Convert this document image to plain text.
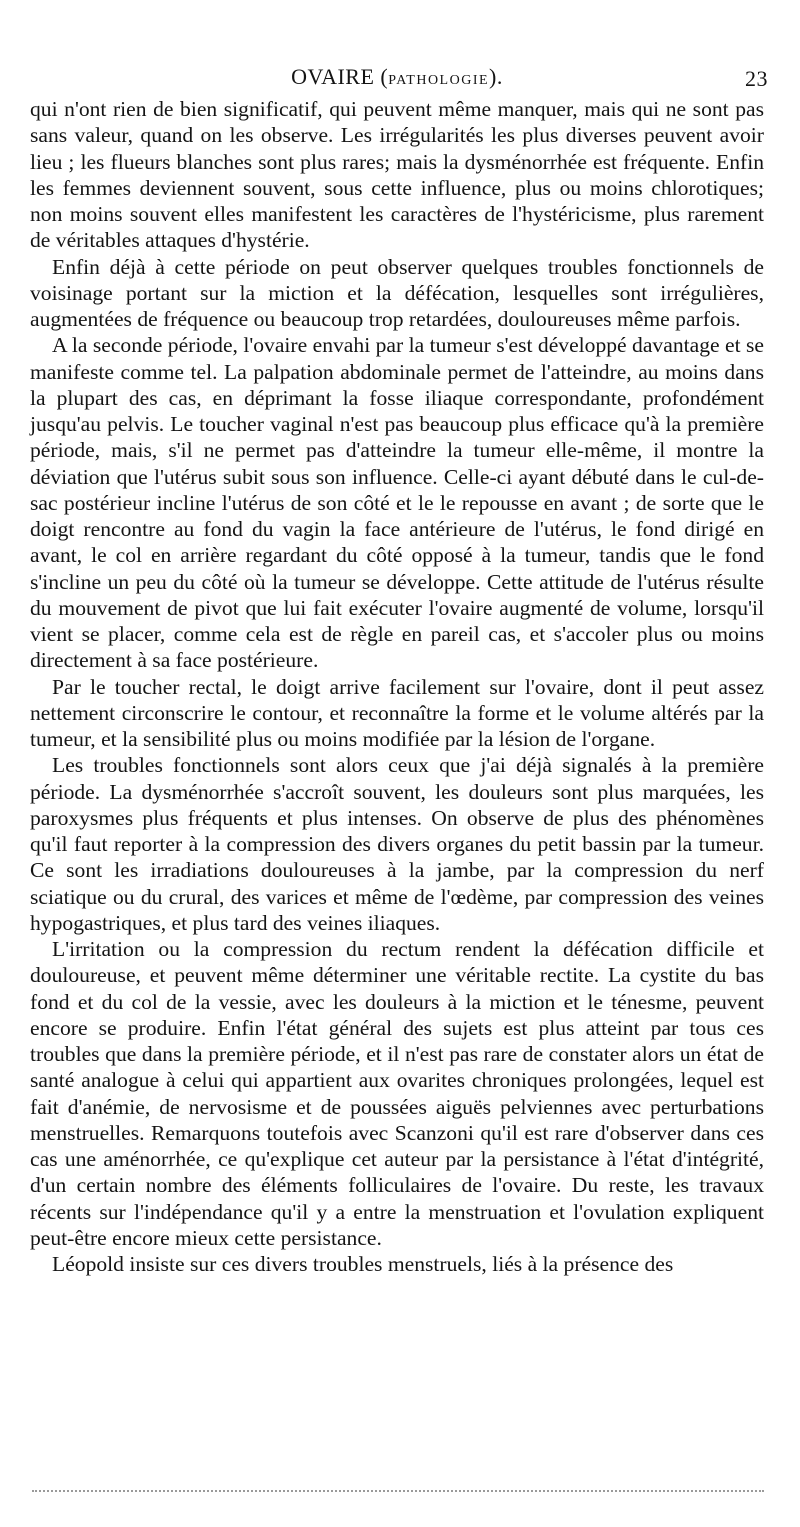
OVAIRE (PATHOLOGIE).	23

qui n'ont rien de bien significatif, qui peuvent même manquer, mais qui ne sont pas sans valeur, quand on les observe. Les irrégularités les plus diverses peuvent avoir lieu ; les flueurs blanches sont plus rares; mais la dysménorrhée est fréquente. Enfin les femmes deviennent souvent, sous cette influence, plus ou moins chlorotiques; non moins souvent elles manifestent les caractères de l'hystéricisme, plus rarement de véritables attaques d'hystérie.

Enfin déjà à cette période on peut observer quelques troubles fonctionnels de voisinage portant sur la miction et la défécation, lesquelles sont irrégulières, augmentées de fréquence ou beaucoup trop retardées, douloureuses même parfois.

A la seconde période, l'ovaire envahi par la tumeur s'est développé davantage et se manifeste comme tel. La palpation abdominale permet de l'atteindre, au moins dans la plupart des cas, en déprimant la fosse iliaque correspondante, profondément jusqu'au pelvis. Le toucher vaginal n'est pas beaucoup plus efficace qu'à la première période, mais, s'il ne permet pas d'atteindre la tumeur elle-même, il montre la déviation que l'utérus subit sous son influence. Celle-ci ayant débuté dans le cul-de-sac postérieur incline l'utérus de son côté et le le repousse en avant ; de sorte que le doigt rencontre au fond du vagin la face antérieure de l'utérus, le fond dirigé en avant, le col en arrière regardant du côté opposé à la tumeur, tandis que le fond s'incline un peu du côté où la tumeur se développe. Cette attitude de l'utérus résulte du mouvement de pivot que lui fait exécuter l'ovaire augmenté de volume, lorsqu'il vient se placer, comme cela est de règle en pareil cas, et s'accoler plus ou moins directement à sa face postérieure.

Par le toucher rectal, le doigt arrive facilement sur l'ovaire, dont il peut assez nettement circonscrire le contour, et reconnaître la forme et le volume altérés par la tumeur, et la sensibilité plus ou moins modifiée par la lésion de l'organe.

Les troubles fonctionnels sont alors ceux que j'ai déjà signalés à la première période. La dysménorrhée s'accroît souvent, les douleurs sont plus marquées, les paroxysmes plus fréquents et plus intenses. On observe de plus des phénomènes qu'il faut reporter à la compression des divers organes du petit bassin par la tumeur. Ce sont les irradiations douloureuses à la jambe, par la compression du nerf sciatique ou du crural, des varices et même de l'œdème, par compression des veines hypogastriques, et plus tard des veines iliaques.

L'irritation ou la compression du rectum rendent la défécation difficile et douloureuse, et peuvent même déterminer une véritable rectite. La cystite du bas fond et du col de la vessie, avec les douleurs à la miction et le ténesme, peuvent encore se produire. Enfin l'état général des sujets est plus atteint par tous ces troubles que dans la première période, et il n'est pas rare de constater alors un état de santé analogue à celui qui appartient aux ovarites chroniques prolongées, lequel est fait d'anémie, de nervosisme et de poussées aiguës pelviennes avec perturbations menstruelles. Remarquons toutefois avec Scanzoni qu'il est rare d'observer dans ces cas une aménorrhée, ce qu'explique cet auteur par la persistance à l'état d'intégrité, d'un certain nombre des éléments folliculaires de l'ovaire. Du reste, les travaux récents sur l'indépendance qu'il y a entre la menstruation et l'ovulation expliquent peut-être encore mieux cette persistance.

Léopold insiste sur ces divers troubles menstruels, liés à la présence des
